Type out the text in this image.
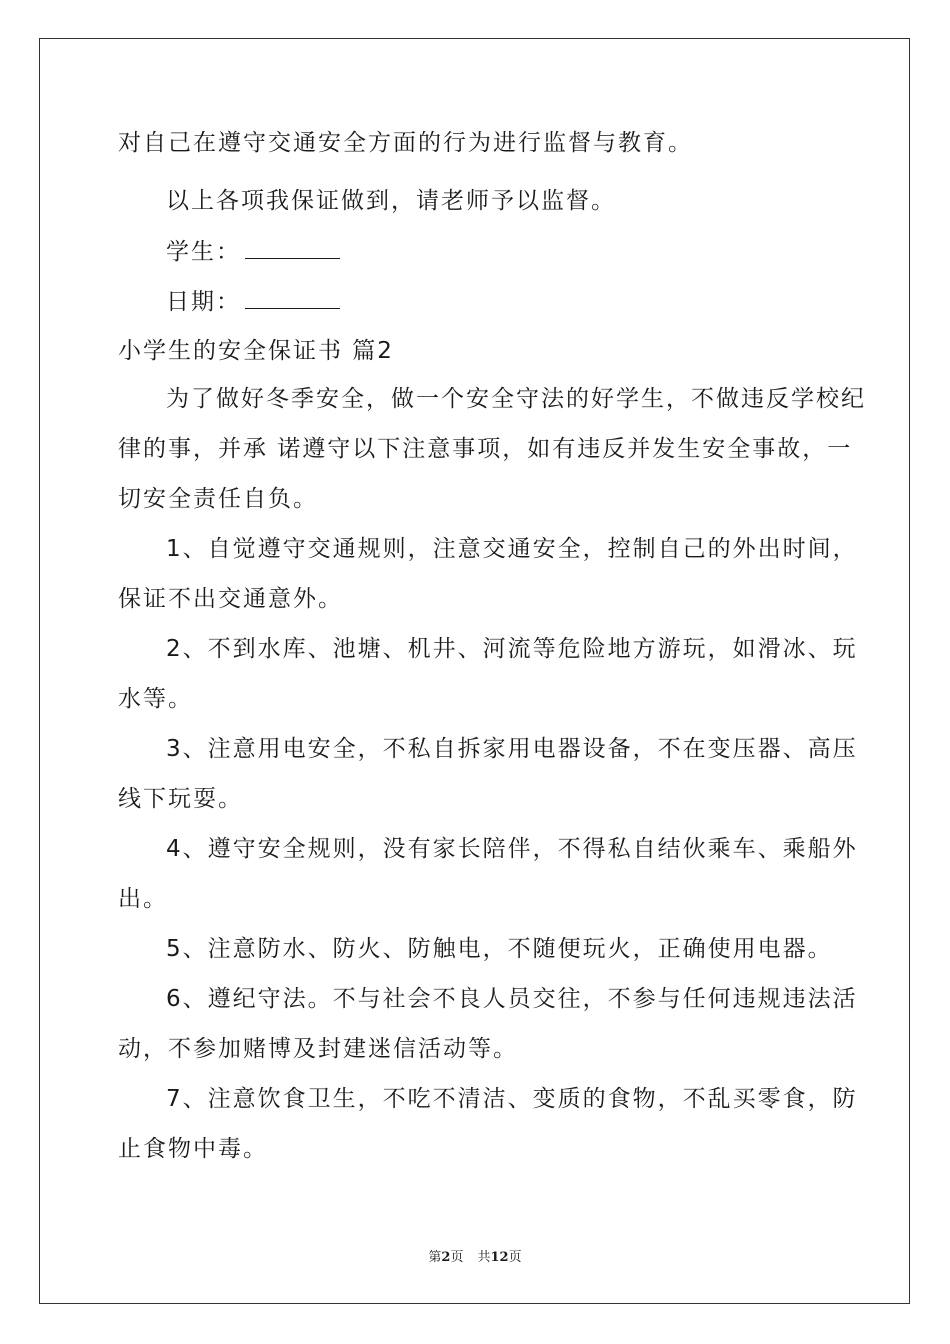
对自己在遵守交通安全方面的行为进行监督与教育。
以上各项我保证做到，请老师予以监督。
学生：
日期：
小学生的安全保证书 篇2
为了做好冬季安全，做一个安全守法的好学生，不做违反学校纪
律的事，并承 诺遵守以下注意事项，如有违反并发生安全事故，一
切安全责任自负。
1、自觉遵守交通规则，注意交通安全，控制自己的外出时间，
保证不出交通意外。
2、不到水库、池塘、机井、河流等危险地方游玩，如滑冰、玩
水等。
3、注意用电安全，不私自拆家用电器设备，不在变压器、高压
线下玩耍。
4、遵守安全规则，没有家长陪伴，不得私自结伙乘车、乘船外
出。
5、注意防水、防火、防触电，不随便玩火，正确使用电器。
6、遵纪守法。不与社会不良人员交往，不参与任何违规违法活
动，不参加赌博及封建迷信活动等。
7、注意饮食卫生，不吃不清洁、变质的食物，不乱买零食，防
止食物中毒。
第2页 共12页
